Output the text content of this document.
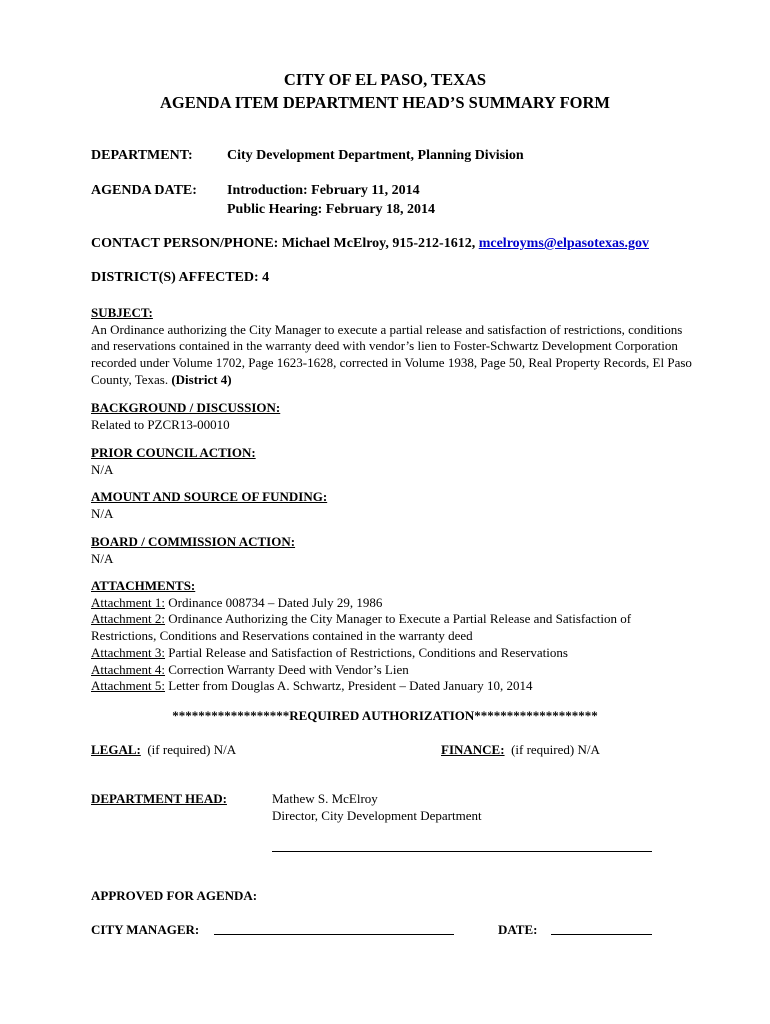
CITY OF EL PASO, TEXAS
AGENDA ITEM DEPARTMENT HEAD’S SUMMARY FORM
DEPARTMENT: City Development Department, Planning Division
AGENDA DATE: Introduction: February 11, 2014
Public Hearing: February 18, 2014
CONTACT PERSON/PHONE: Michael McElroy, 915-212-1612, mcelroyms@elpasotexas.gov
DISTRICT(S) AFFECTED: 4
SUBJECT:
An Ordinance authorizing the City Manager to execute a partial release and satisfaction of restrictions, conditions and reservations contained in the warranty deed with vendor’s lien to Foster-Schwartz Development Corporation recorded under Volume 1702, Page 1623-1628, corrected in Volume 1938, Page 50, Real Property Records, El Paso County, Texas. (District 4)
BACKGROUND / DISCUSSION:
Related to PZCR13-00010
PRIOR COUNCIL ACTION:
N/A
AMOUNT AND SOURCE OF FUNDING:
N/A
BOARD / COMMISSION ACTION:
N/A
ATTACHMENTS:
Attachment 1: Ordinance 008734 – Dated July 29, 1986
Attachment 2: Ordinance Authorizing the City Manager to Execute a Partial Release and Satisfaction of
Restrictions, Conditions and Reservations contained in the warranty deed
Attachment 3: Partial Release and Satisfaction of Restrictions, Conditions and Reservations
Attachment 4: Correction Warranty Deed with Vendor’s Lien
Attachment 5: Letter from Douglas A. Schwartz, President – Dated January 10, 2014
******************REQUIRED AUTHORIZATION*******************
LEGAL:  (if required) N/A	FINANCE:  (if required) N/A
DEPARTMENT HEAD:	Mathew S. McElroy
Director, City Development Department
APPROVED FOR AGENDA:
CITY MANAGER:	DATE:
